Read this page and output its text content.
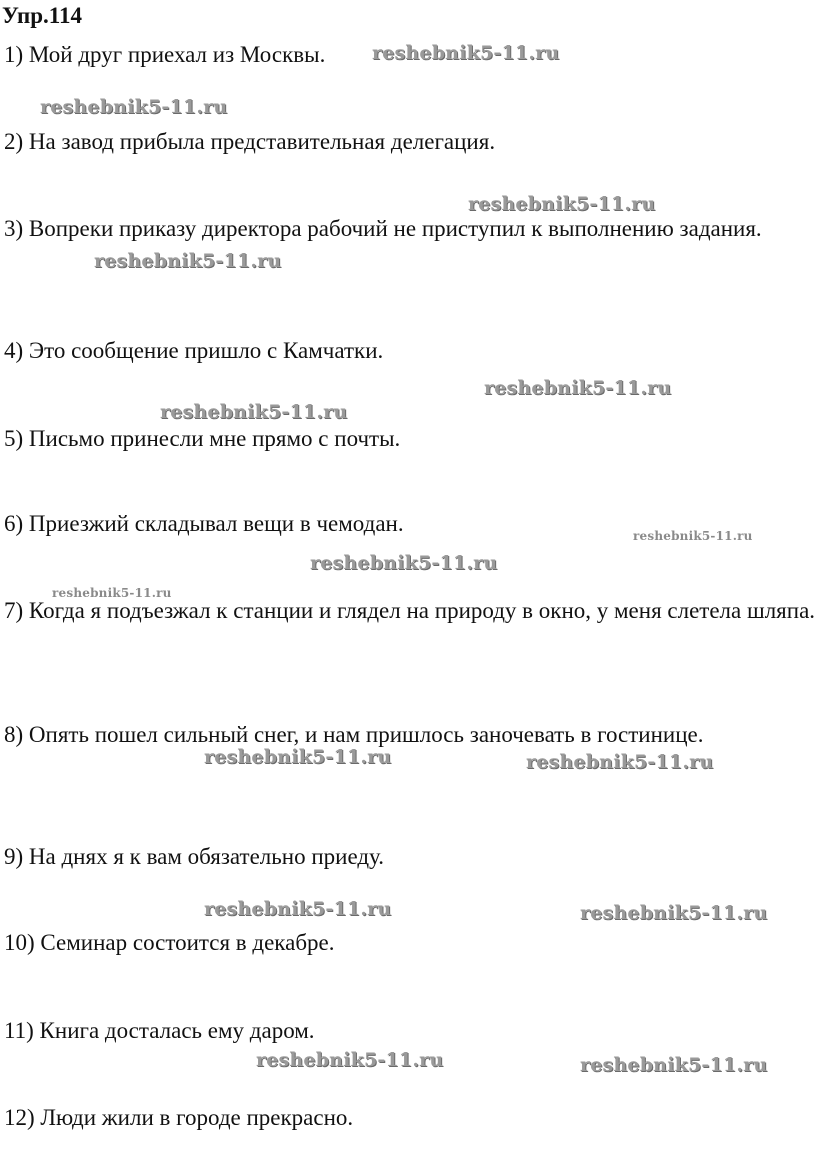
Упр.114

1) Мой друг приехал из Москвы.

2) На завод прибыла представительная делегация.

3) Вопреки приказу директора рабочий не приступил к выполнению задания.

4) Это сообщение пришло с Камчатки.

5) Письмо принесли мне прямо с почты.

6) Приезжий складывал вещи в чемодан.

7) Когда я подъезжал к станции и глядел на природу в окно, у меня слетела шляпа.

8) Опять пошел сильный снег, и нам пришлось заночевать в гостинице.

9) На днях я к вам обязательно приеду.

10) Семинар состоится в декабре.

11) Книга досталась ему даром.

12) Люди жили в городе прекрасно.

reshebnik5-11.ru
reshebnik5-11.ru
reshebnik5-11.ru
reshebnik5-11.ru
reshebnik5-11.ru
reshebnik5-11.ru
reshebnik5-11.ru
reshebnik5-11.ru
reshebnik5-11.ru
reshebnik5-11.ru	reshebnik5-11.ru
reshebnik5-11.ru	reshebnik5-11.ru
reshebnik5-11.ru	reshebnik5-11.ru
